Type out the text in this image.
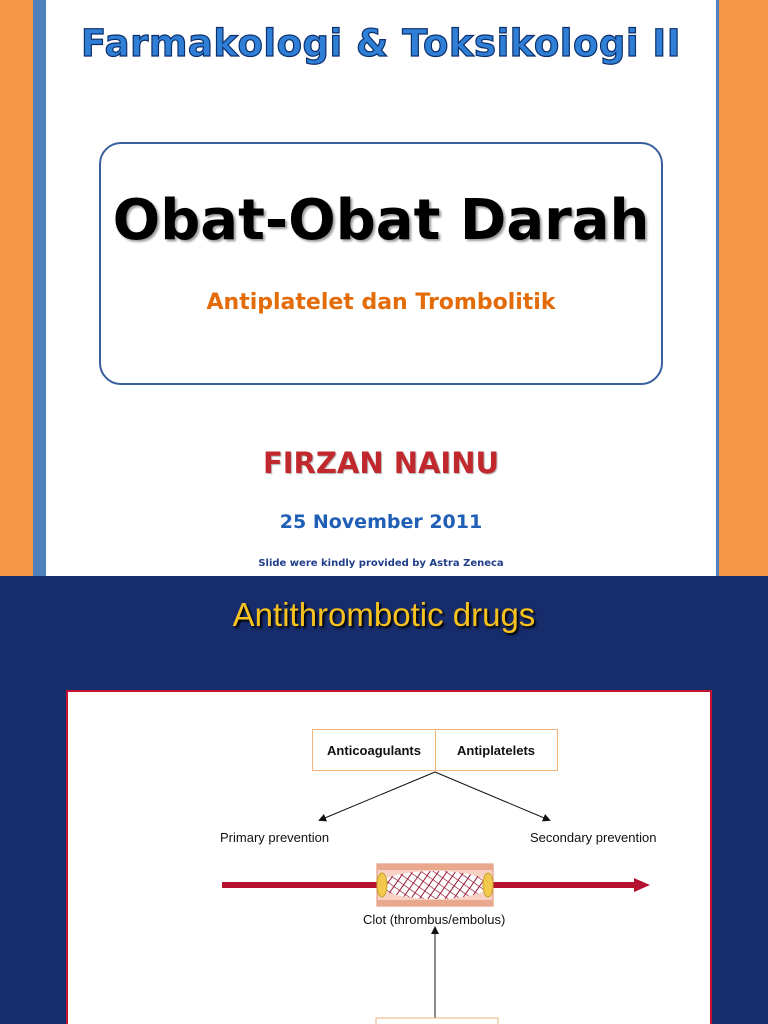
Farmakologi & Toksikologi II
Obat-Obat Darah
Antiplatelet dan Trombolitik
FIRZAN NAINU
25 November 2011
Slide were kindly provided by Astra Zeneca
Antithrombotic drugs
Anticoagulants	Antiplatelets
Primary prevention	Secondary prevention
Clot (thrombus/embolus)
